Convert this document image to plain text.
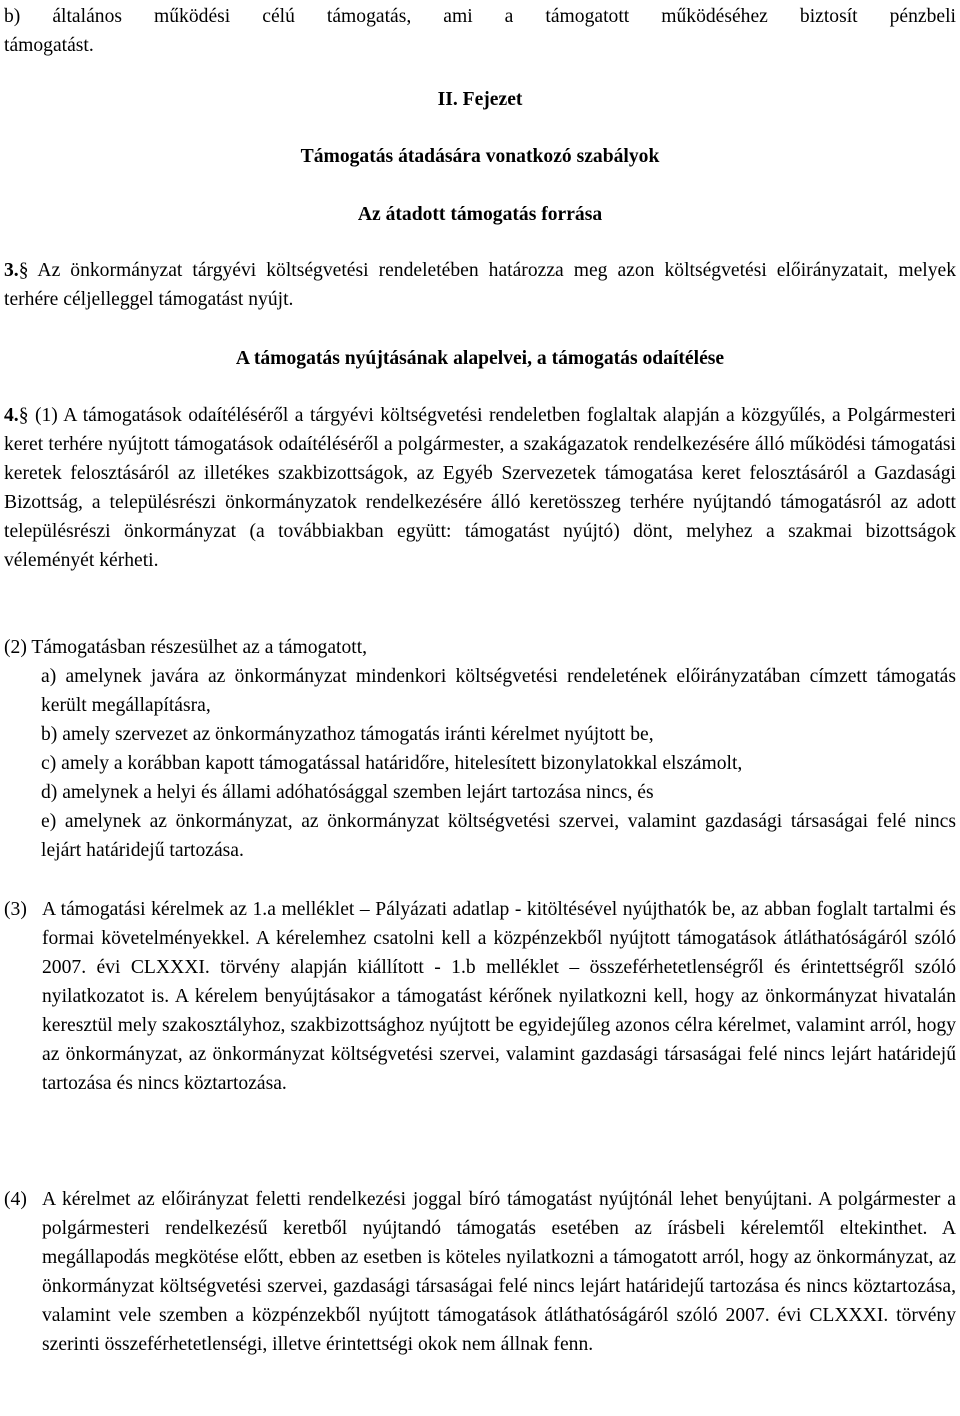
b) általános működési célú támogatás, ami a támogatott működéséhez biztosít pénzbeli

támogatást.

II. Fejezet

Támogatás átadására vonatkozó szabályok

Az átadott támogatás forrása

3.§ Az önkormányzat tárgyévi költségvetési rendeletében határozza meg azon költségvetési előirányzatait, melyek terhére céljelleggel támogatást nyújt.

A támogatás nyújtásának alapelvei, a támogatás odaítélése

4.§ (1) A támogatások odaítéléséről a tárgyévi költségvetési rendeletben foglaltak alapján a közgyűlés, a Polgármesteri keret terhére nyújtott támogatások odaítéléséről a polgármester, a szakágazatok rendelkezésére álló működési támogatási keretek felosztásáról az illetékes szakbizottságok, az Egyéb Szervezetek támogatása keret felosztásáról a Gazdasági Bizottság, a településrészi önkormányzatok rendelkezésére álló keretösszeg terhére nyújtandó támogatásról az adott településrészi önkormányzat (a továbbiakban együtt: támogatást nyújtó) dönt, melyhez a szakmai bizottságok véleményét kérheti.

(2) Támogatásban részesülhet az a támogatott,

a) amelynek javára az önkormányzat mindenkori költségvetési rendeletének előirányzatában címzett támogatás került megállapításra,

b) amely szervezet az önkormányzathoz támogatás iránti kérelmet nyújtott be,

c) amely a korábban kapott támogatással határidőre, hitelesített bizonylatokkal elszámolt,

d) amelynek a helyi és állami adóhatósággal szemben lejárt tartozása nincs, és

e) amelynek az önkormányzat, az önkormányzat költségvetési szervei, valamint gazdasági társaságai felé nincs lejárt határidejű tartozása.

(3) A támogatási kérelmek az 1.a melléklet – Pályázati adatlap - kitöltésével nyújthatók be, az abban foglalt tartalmi és formai követelményekkel. A kérelemhez csatolni kell a közpénzekből nyújtott támogatások átláthatóságáról szóló 2007. évi CLXXXI. törvény alapján kiállított - 1.b melléklet – összeférhetetlenségről és érintettségről szóló nyilatkozatot is. A kérelem benyújtásakor a támogatást kérőnek nyilatkozni kell, hogy az önkormányzat hivatalán keresztül mely szakosztályhoz, szakbizottsághoz nyújtott be egyidejűleg azonos célra kérelmet, valamint arról, hogy az önkormányzat, az önkormányzat költségvetési szervei, valamint gazdasági társaságai felé nincs lejárt határidejű tartozása és nincs köztartozása.

(4) A kérelmet az előirányzat feletti rendelkezési joggal bíró támogatást nyújtónál lehet benyújtani. A polgármester a polgármesteri rendelkezésű keretből nyújtandó támogatás esetében az írásbeli kérelemtől eltekinthet. A megállapodás megkötése előtt, ebben az esetben is köteles nyilatkozni a támogatott arról, hogy az önkormányzat, az önkormányzat költségvetési szervei, gazdasági társaságai felé nincs lejárt határidejű tartozása és nincs köztartozása, valamint vele szemben a közpénzekből nyújtott támogatások átláthatóságáról szóló 2007. évi CLXXXI. törvény szerinti összeférhetetlenségi, illetve érintettségi okok nem állnak fenn.
